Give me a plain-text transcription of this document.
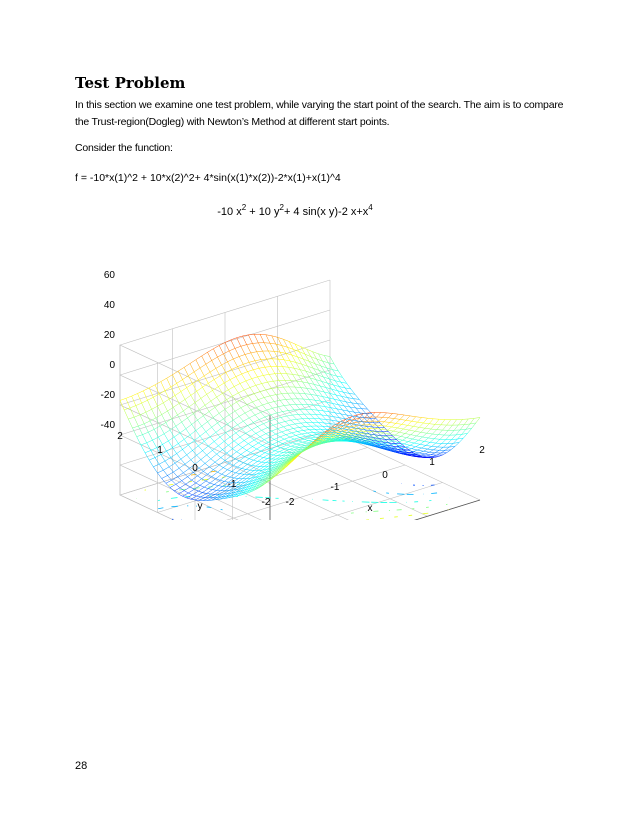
Test Problem
In this section we examine one test problem, while varying the start point of the search. The aim is to compare the Trust-region(Dogleg) with Newton’s Method at different start points.
Consider the function:
f = -10*x(1)^2 + 10*x(2)^2+ 4*sin(x(1)*x(2))-2*x(1)+x(1)^4
-10 $x^2 + 10$ $y^2+ 4$ sin(x y)-2 $x+x^4$
60
40
20
0
-20
-40
2
1
0
-1
-2 -2
-1
0
1
2
y	x
28
